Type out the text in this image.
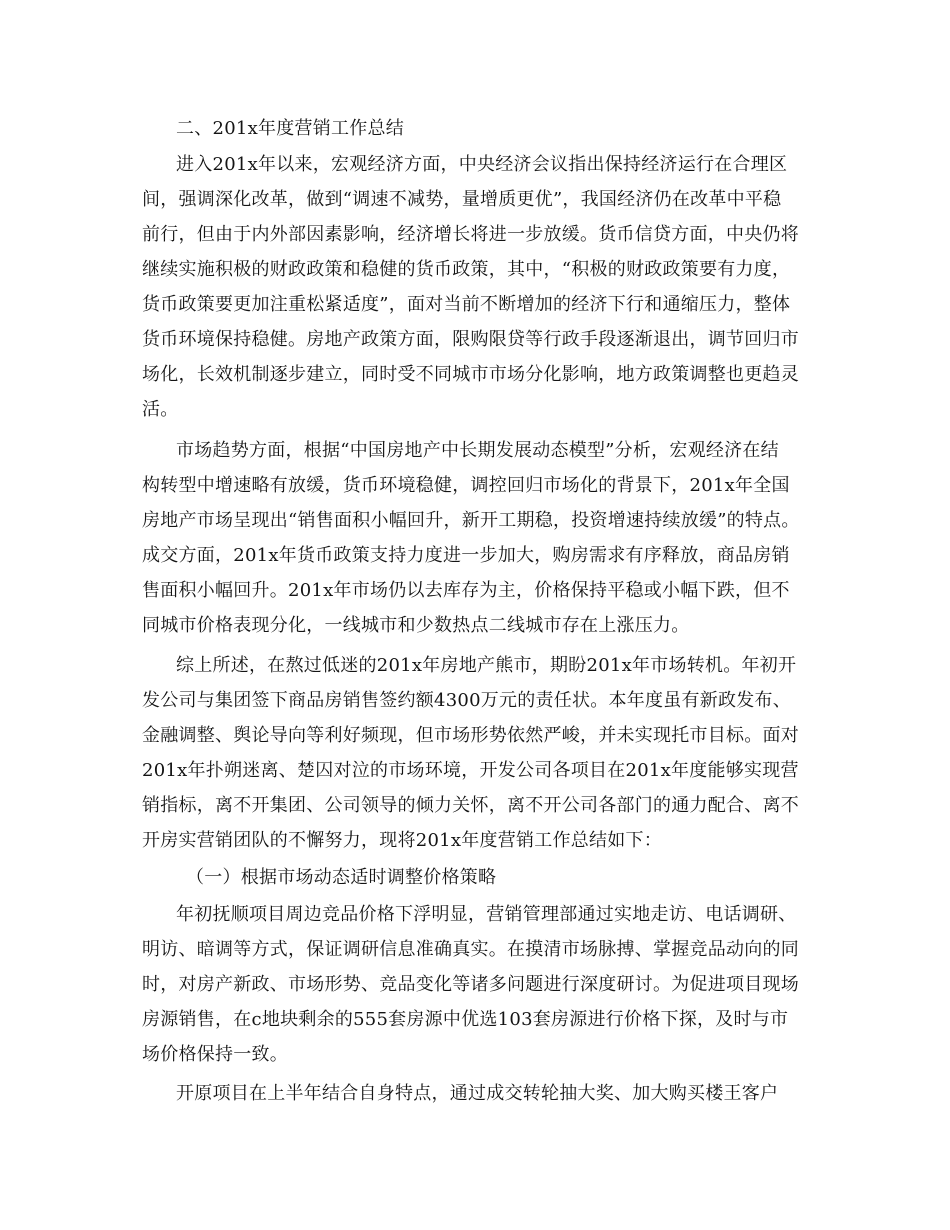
二、201x年度营销工作总结

进入201x年以来，宏观经济方面，中央经济会议指出保持经济运行在合理区

间，强调深化改革，做到“调速不减势，量增质更优”，我国经济仍在改革中平稳

前行，但由于内外部因素影响，经济增长将进一步放缓。货币信贷方面，中央仍将

继续实施积极的财政政策和稳健的货币政策，其中，“积极的财政政策要有力度，

货币政策要更加注重松紧适度”，面对当前不断增加的经济下行和通缩压力，整体

货币环境保持稳健。房地产政策方面，限购限贷等行政手段逐渐退出，调节回归市

场化，长效机制逐步建立，同时受不同城市市场分化影响，地方政策调整也更趋灵

活。

市场趋势方面，根据“中国房地产中长期发展动态模型”分析，宏观经济在结

构转型中增速略有放缓，货币环境稳健，调控回归市场化的背景下，201x年全国

房地产市场呈现出“销售面积小幅回升，新开工期稳，投资增速持续放缓”的特点。

成交方面，201x年货币政策支持力度进一步加大，购房需求有序释放，商品房销

售面积小幅回升。201x年市场仍以去库存为主，价格保持平稳或小幅下跌，但不

同城市价格表现分化，一线城市和少数热点二线城市存在上涨压力。

综上所述，在熬过低迷的201x年房地产熊市，期盼201x年市场转机。年初开

发公司与集团签下商品房销售签约额4300万元的责任状。本年度虽有新政发布、

金融调整、舆论导向等利好频现，但市场形势依然严峻，并未实现托市目标。面对

201x年扑朔迷离、楚囚对泣的市场环境，开发公司各项目在201x年度能够实现营

销指标，离不开集团、公司领导的倾力关怀，离不开公司各部门的通力配合、离不

开房实营销团队的不懈努力，现将201x年度营销工作总结如下：

（一）根据市场动态适时调整价格策略

年初抚顺项目周边竞品价格下浮明显，营销管理部通过实地走访、电话调研、

明访、暗调等方式，保证调研信息准确真实。在摸清市场脉搏、掌握竞品动向的同

时，对房产新政、市场形势、竞品变化等诸多问题进行深度研讨。为促进项目现场

房源销售，在c地块剩余的555套房源中优选103套房源进行价格下探，及时与市

场价格保持一致。

开原项目在上半年结合自身特点，通过成交转轮抽大奖、加大购买楼王客户
